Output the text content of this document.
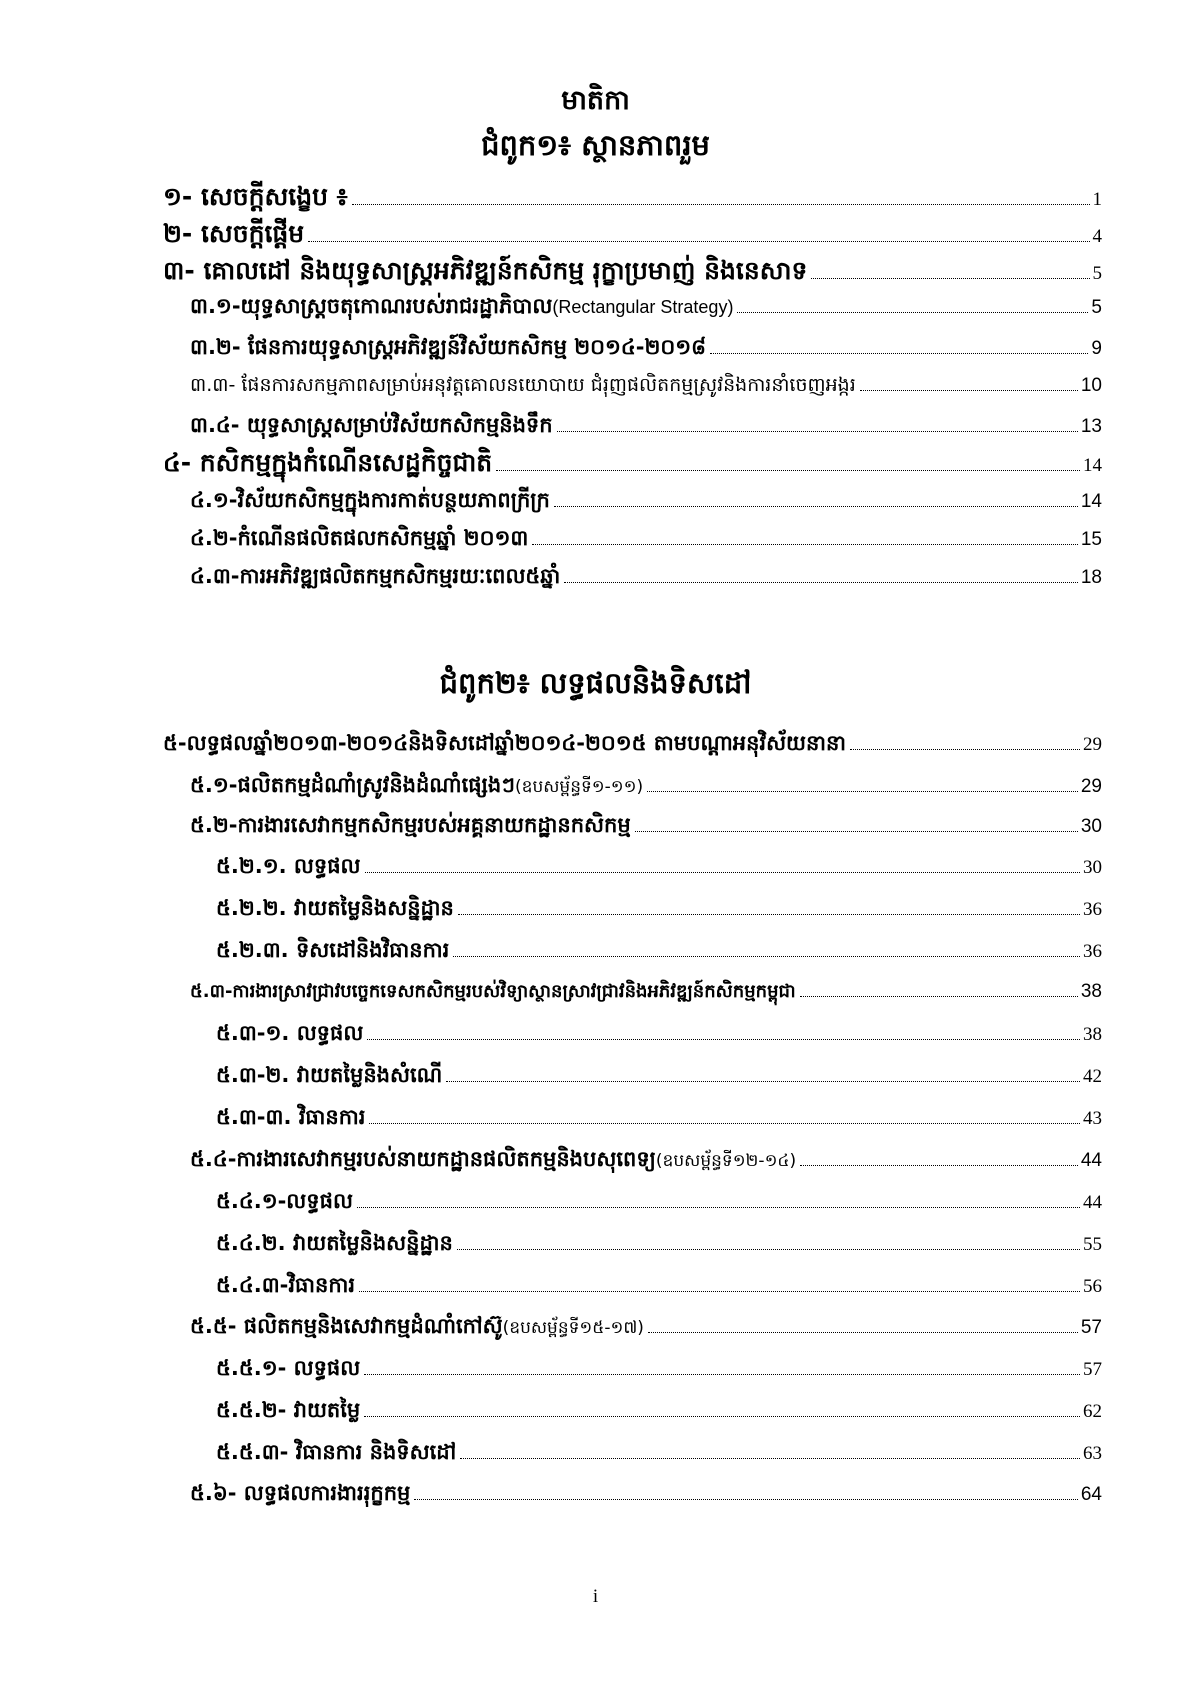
មាតិកា
ជំពូក១៖ ស្ថានភាពរួម
១- សេចក្តីសង្ខេប ៖	1
២- សេចក្តីផ្តើម	4
៣- គោលដៅ និងយុទ្ធសាស្រ្តអភិវឌ្ឍន៍កសិកម្ម រុក្ខាប្រមាញ់ និងនេសាទ	5
៣.១-យុទ្ធសាស្រ្តចតុកោណរបស់រាជរដ្ឋាភិបាល (Rectangular Strategy)	5
៣.២- ផែនការយុទ្ធសាស្រ្តអភិវឌ្ឍន៍វិស័យកសិកម្ម ២០១៤-២០១៨	9
៣.៣- ផែនការសកម្មភាពសម្រាប់អនុវត្តគោលនយោបាយ ជំរុញផលិតកម្មស្រូវនិងការនាំចេញអង្ករ	10
៣.៤- យុទ្ធសាស្រ្តសម្រាប់វិស័យកសិកម្មនិងទឹក	13
៤- កសិកម្មក្នុងកំណើនសេដ្ឋកិច្ចជាតិ	14
៤.១-វិស័យកសិកម្មក្នុងការកាត់បន្ថយភាពក្រីក្រ	14
៤.២-កំណើនផលិតផលកសិកម្មឆ្នាំ ២០១៣	15
៤.៣-ការអភិវឌ្ឍផលិតកម្មកសិកម្មរយៈពេល៥ឆ្នាំ	18
ជំពូក២៖ លទ្ធផលនិងទិសដៅ
៥-លទ្ធផលឆ្នាំ២០១៣-២០១៤និងទិសដៅឆ្នាំ២០១៤-២០១៥ តាមបណ្តាអនុវិស័យនានា	29
៥.១-ផលិតកម្មដំណាំស្រូវនិងដំណាំផ្សេងៗ (ឧបសម្ព័ន្ធទី១-១១)	29
៥.២-ការងារសេវាកម្មកសិកម្មរបស់អគ្គនាយកដ្ឋានកសិកម្ម	30
៥.២.១. លទ្ធផល	30
៥.២.២. វាយតម្លៃនិងសន្និដ្ឋាន	36
៥.២.៣. ទិសដៅនិងវិធានការ	36
៥.៣-ការងារស្រាវជ្រាវបច្ចេកទេសកសិកម្មរបស់វិទ្យាស្ថានស្រាវជ្រាវនិងអភិវឌ្ឍន៍កសិកម្មកម្ពុជា	38
៥.៣-១. លទ្ធផល	38
៥.៣-២. វាយតម្លៃនិងសំណើ	42
៥.៣-៣. វិធានការ	43
៥.៤-ការងារសេវាកម្មរបស់នាយកដ្ឋានផលិតកម្មនិងបសុពេទ្យ (ឧបសម្ព័ន្ធទី១២-១៤)	44
៥.៤.១-លទ្ធផល	44
៥.៤.២. វាយតម្លៃនិងសន្និដ្ឋាន	55
៥.៤.៣-វិធានការ	56
៥.៥- ផលិតកម្មនិងសេវាកម្មដំណាំកៅស៊ូ (ឧបសម្ព័ន្ធទី១៥-១៧)	57
៥.៥.១- លទ្ធផល	57
៥.៥.២- វាយតម្លៃ	62
៥.៥.៣- វិធានការ និងទិសដៅ	63
៥.៦- លទ្ធផលការងាររុក្ខកម្ម	64
i
